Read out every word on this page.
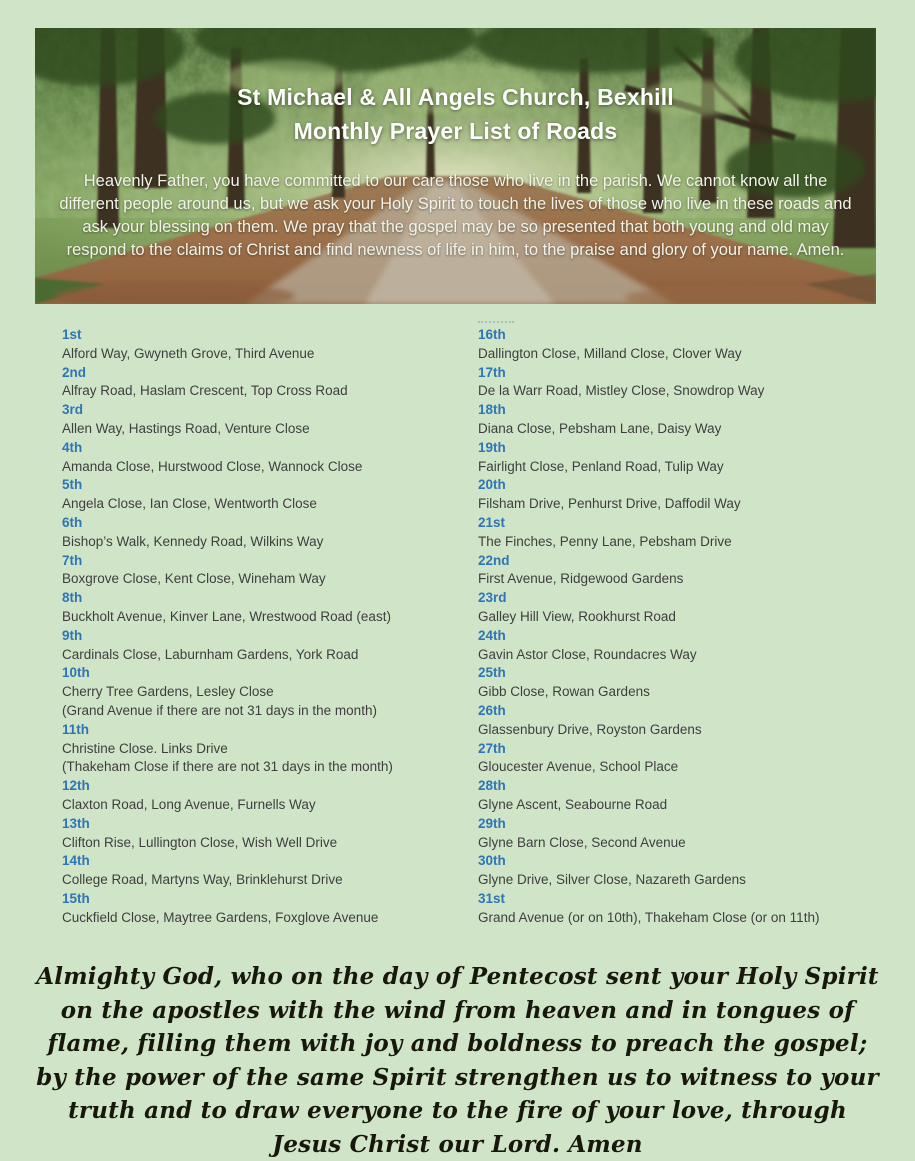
St Michael & All Angels Church, Bexhill
Monthly Prayer List of Roads
Heavenly Father, you have committed to our care those who live in the parish. We cannot know all the different people around us, but we ask your Holy Spirit to touch the lives of those who live in these roads and ask your blessing on them. We pray that the gospel may be so presented that both young and old may respond to the claims of Christ and find newness of life in him, to the praise and glory of your name. Amen.
1st
Alford Way, Gwyneth Grove, Third Avenue
2nd
Alfray Road, Haslam Crescent, Top Cross Road
3rd
Allen Way, Hastings Road, Venture Close
4th
Amanda Close, Hurstwood Close, Wannock Close
5th
Angela Close, Ian Close, Wentworth Close
6th
Bishop’s Walk, Kennedy Road, Wilkins Way
7th
Boxgrove Close, Kent Close, Wineham Way
8th
Buckholt Avenue, Kinver Lane, Wrestwood Road (east)
9th
Cardinals Close, Laburnham Gardens, York Road
10th
Cherry Tree Gardens, Lesley Close
(Grand Avenue if there are not 31 days in the month)
11th
Christine Close. Links Drive
(Thakeham Close if there are not 31 days in the month)
12th
Claxton Road, Long Avenue, Furnells Way
13th
Clifton Rise, Lullington Close, Wish Well Drive
14th
College Road, Martyns Way, Brinklehurst Drive
15th
Cuckfield Close, Maytree Gardens, Foxglove Avenue
16th
Dallington Close, Milland Close, Clover Way
17th
De la Warr Road, Mistley Close, Snowdrop Way
18th
Diana Close, Pebsham Lane, Daisy Way
19th
Fairlight Close, Penland Road, Tulip Way
20th
Filsham Drive, Penhurst Drive, Daffodil Way
21st
The Finches, Penny Lane, Pebsham Drive
22nd
First Avenue, Ridgewood Gardens
23rd
Galley Hill View, Rookhurst Road
24th
Gavin Astor Close, Roundacres Way
25th
Gibb Close, Rowan Gardens
26th
Glassenbury Drive, Royston Gardens
27th
Gloucester Avenue, School Place
28th
Glyne Ascent, Seabourne Road
29th
Glyne Barn Close, Second Avenue
30th
Glyne Drive, Silver Close, Nazareth Gardens
31st
Grand Avenue (or on 10th), Thakeham Close (or on 11th)
Almighty God, who on the day of Pentecost sent your Holy Spirit on the apostles with the wind from heaven and in tongues of flame, filling them with joy and boldness to preach the gospel; by the power of the same Spirit strengthen us to witness to your truth and to draw everyone to the fire of your love, through Jesus Christ our Lord. Amen
